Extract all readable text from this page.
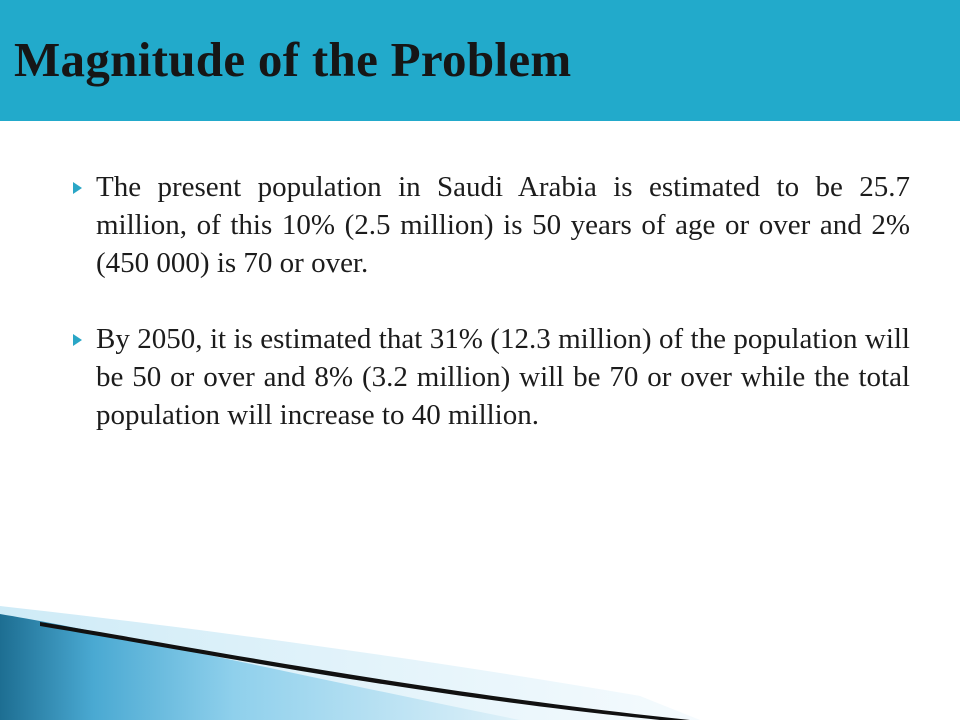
Magnitude of the Problem
The present population in Saudi Arabia is estimated to be 25.7 million, of this 10% (2.5 million) is 50 years of age or over and 2% (450 000) is 70 or over.
By 2050, it is estimated that 31% (12.3 million) of the population will be 50 or over and 8% (3.2 million) will be 70 or over while the total population will increase to 40 million.
